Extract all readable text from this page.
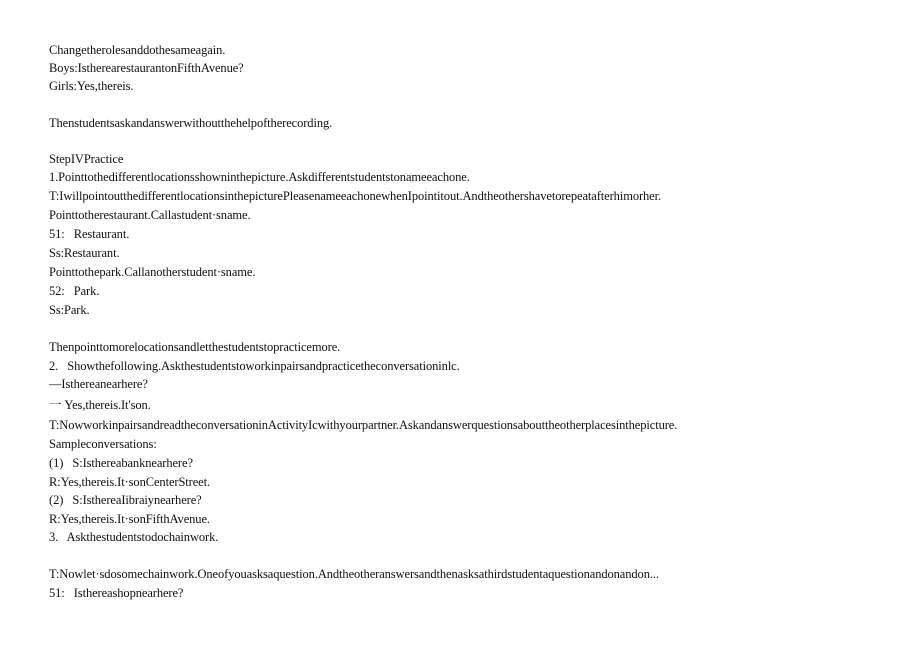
Changetherolesanddothesameagain.

Boys:IstherearestaurantonFifthAvenue?

Girls:Yes,thereis.

Thenstudentsaskandanswerwithoutthehelpoftherecording.

StepIVPractice

1.Pointtothedifferentlocationsshowninthepicture.Askdifferentstudentstonameeachone.

T:IwillpointoutthedifferentlocationsinthepicturePleasenameeachonewhenIpointitout.Andtheothershavetorepeatafterhimorher.

Pointtotherestaurant.Callastudent·sname.

51:   Restaurant.

Ss:Restaurant.

Pointtothepark.Callanotherstudent·sname.

52:   Park.

Ss:Park.

Thenpointtomorelocationsandletthestudentstopracticemore.

2.   Showthefollowing.Askthestudentstoworkinpairsandpracticetheconversationinlc.

—Isthereanearhere?

一 Yes,thereis.It'son.

T:NowworkinpairsandreadtheconversationinActivityIcwithyourpartner.Askandanswerquestionsabouttheotherplacesinthepicture.

Sampleconversations:

(1)   S:Isthereabanknearhere?

R:Yes,thereis.It·sonCenterStreet.

(2)   S:IsthereaIibraiynearhere?

R:Yes,thereis.It·sonFifthAvenue.

3.   Askthestudentstodochainwork.

T:Nowlet·sdosomechainwork.Oneofyouasksaquestion.Andtheotheranswersandthenasksathirdstudentaquestionandonandon...

51:   Isthereashopnearhere?
